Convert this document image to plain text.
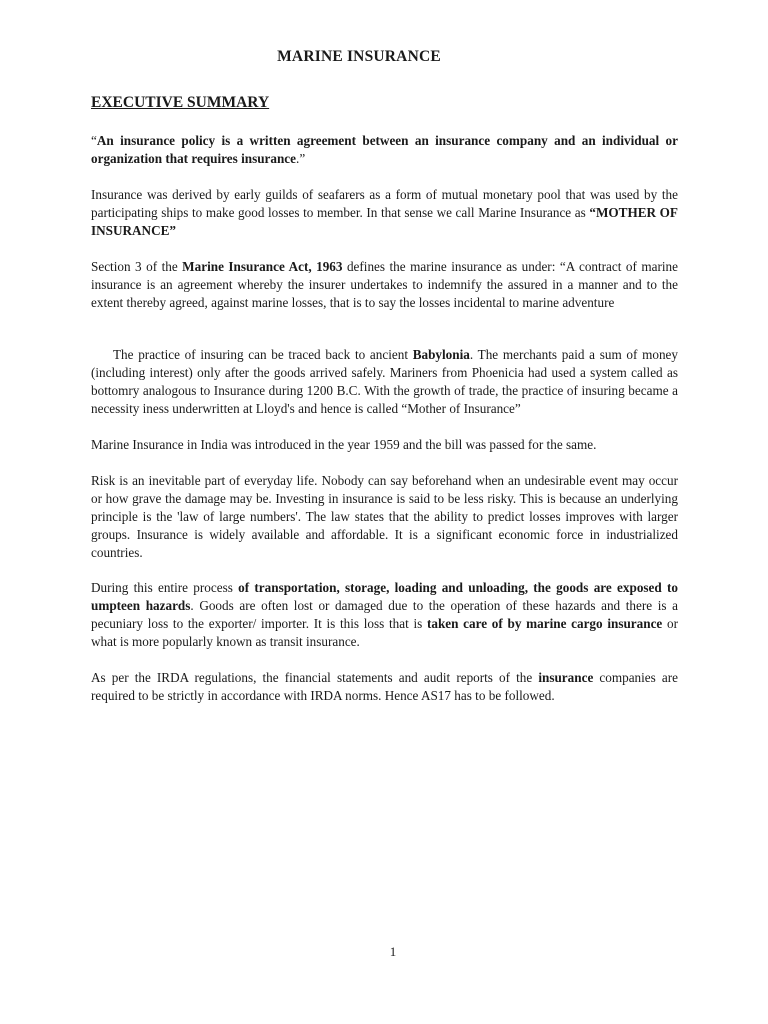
MARINE INSURANCE
EXECUTIVE SUMMARY

“An insurance policy is a written agreement between an insurance company and an individual or organization that requires insurance.”

Insurance was derived by early guilds of seafarers as a form of mutual monetary pool that was used by the participating ships to make good losses to member. In that sense we call Marine Insurance as “MOTHER OF INSURANCE”

Section 3 of the Marine Insurance Act, 1963 defines the marine insurance as under: “A contract of marine insurance is an agreement whereby the insurer undertakes to indemnify the assured in a manner and to the extent thereby agreed, against marine losses, that is to say the losses incidental to marine adventure

The practice of insuring can be traced back to ancient Babylonia. The merchants paid a sum of money (including interest) only after the goods arrived safely. Mariners from Phoenicia had used a system called as bottomry analogous to Insurance during 1200 B.C. With the growth of trade, the practice of insuring became a necessity iness underwritten at Lloyd's and hence is called “Mother of Insurance”

Marine Insurance in India was introduced in the year 1959 and the bill was passed for the same.

Risk is an inevitable part of everyday life. Nobody can say beforehand when an undesirable event may occur or how grave the damage may be. Investing in insurance is said to be less risky. This is because an underlying principle is the 'law of large numbers'. The law states that the ability to predict losses improves with larger groups. Insurance is widely available and affordable. It is a significant economic force in industrialized countries.

During this entire process of transportation, storage, loading and unloading, the goods are exposed to umpteen hazards. Goods are often lost or damaged due to the operation of these hazards and there is a pecuniary loss to the exporter/ importer. It is this loss that is taken care of by marine cargo insurance or what is more popularly known as transit insurance.

As per the IRDA regulations, the financial statements and audit reports of the insurance companies are required to be strictly in accordance with IRDA norms. Hence AS17 has to be followed.

1
